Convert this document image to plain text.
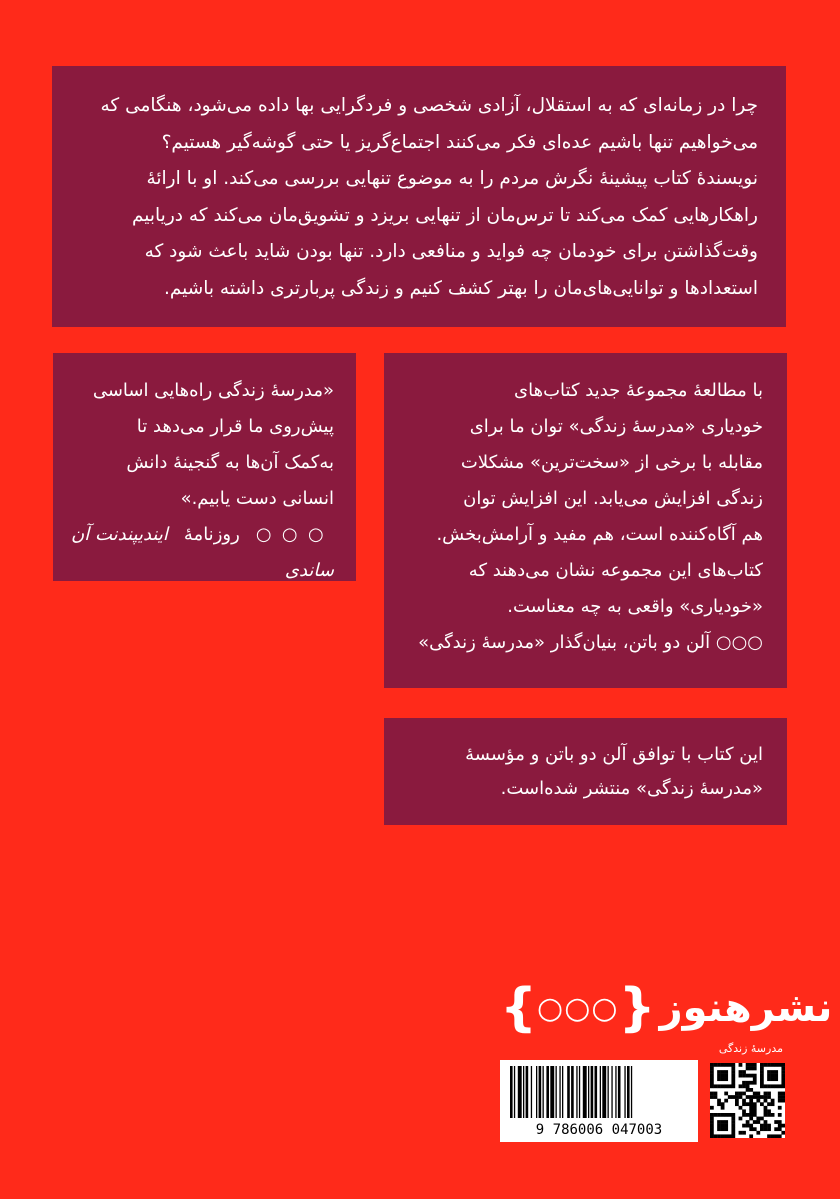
چرا در زمانه‌ای که به استقلال، آزادی شخصی و فردگرایی بها داده می‌شود، هنگامی که
می‌خواهیم تنها باشیم عده‌ای فکر می‌کنند اجتماع‌گریز یا حتی گوشه‌گیر هستیم؟
نویسندهٔ کتاب پیشینهٔ نگرش مردم را به موضوع تنهایی بررسی می‌کند. او با ارائهٔ
راهکارهایی کمک می‌کند تا ترس‌مان از تنهایی بریزد و تشویق‌مان می‌کند که دریابیم
وقت‌گذاشتن برای خودمان چه فواید و منافعی دارد. تنها بودن شاید باعث شود که
استعدادها و توانایی‌های‌مان را بهتر کشف کنیم و زندگی پربارتری داشته باشیم.
«مدرسهٔ زندگی راه‌هایی اساسی
پیش‌روی ما قرار می‌دهد تا
به‌کمک آن‌ها به گنجینهٔ دانش
انسانی دست یابیم.»
○○○ روزنامهٔ ایندیپندنت آن ساندی
با مطالعهٔ مجموعهٔ جدید کتاب‌های
خودیاری «مدرسهٔ زندگی» توان ما برای
مقابله با برخی از «سخت‌ترین» مشکلات
زندگی افزایش می‌یابد. این افزایش توان
هم آگاه‌کننده است، هم مفید و آرامش‌بخش.
کتاب‌های این مجموعه نشان می‌دهند که
«خودیاری» واقعی به چه معناست.
○○○ آلن دو باتن، بنیان‌گذار «مدرسهٔ زندگی»
این کتاب با توافق آلن دو باتن و مؤسسهٔ
«مدرسهٔ زندگی» منتشر شده‌است.
نشرهنوز
{
○○○
}
مدرسهٔ زندگی
9 786006 047003
